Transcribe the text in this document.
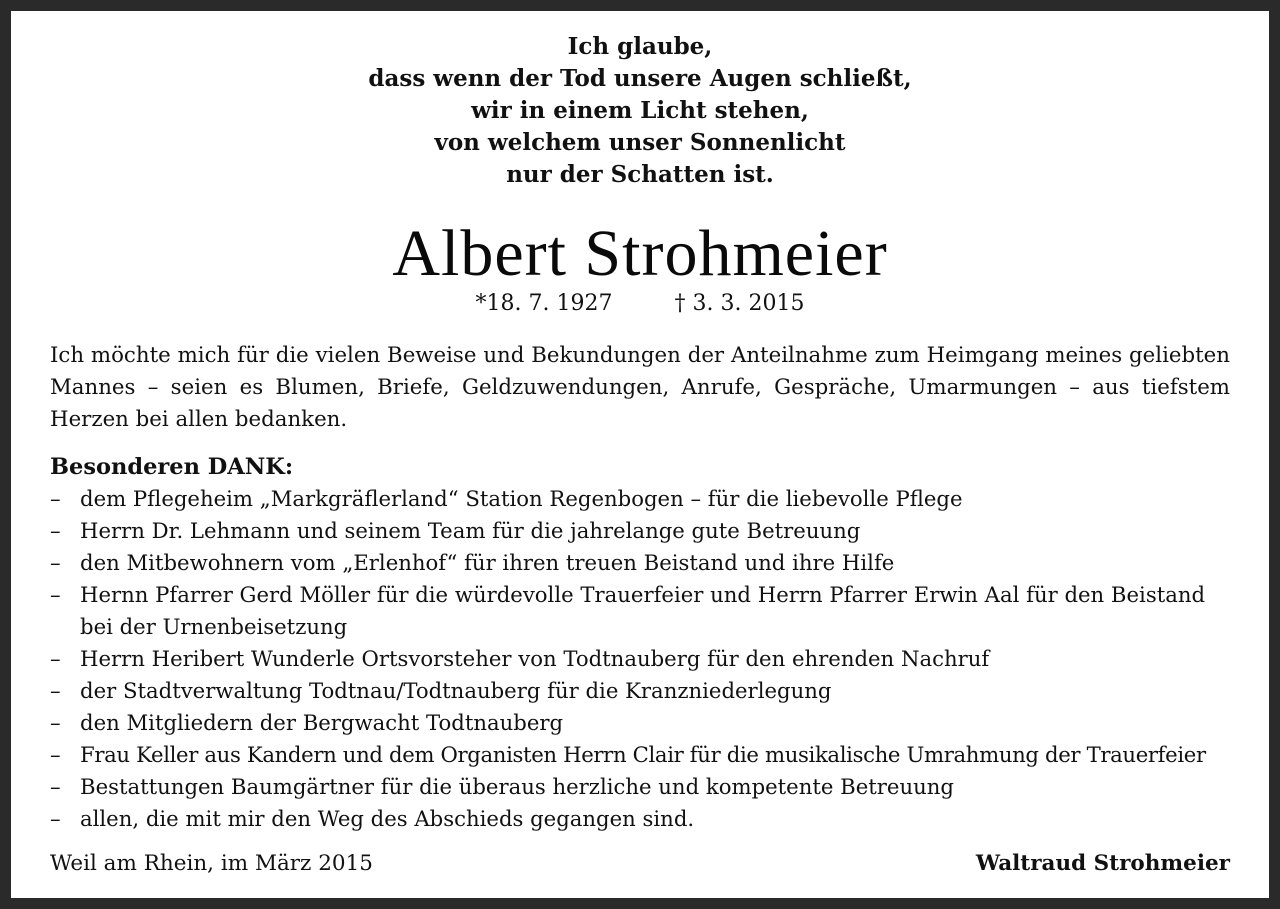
Ich glaube,
dass wenn der Tod unsere Augen schließt,
wir in einem Licht stehen,
von welchem unser Sonnenlicht
nur der Schatten ist.
Albert Strohmeier
*18. 7. 1927	† 3. 3. 2015
Ich möchte mich für die vielen Beweise und Bekundungen der Anteilnahme zum Heimgang meines geliebten Mannes – seien es Blumen, Briefe, Geldzuwendungen, Anrufe, Gespräche, Umarmungen – aus tiefstem Herzen bei allen bedanken.
Besonderen DANK:
– dem Pflegeheim „Markgräflerland“ Station Regenbogen – für die liebevolle Pflege
– Herrn Dr. Lehmann und seinem Team für die jahrelange gute Betreuung
– den Mitbewohnern vom „Erlenhof“ für ihren treuen Beistand und ihre Hilfe
– Hernn Pfarrer Gerd Möller für die würdevolle Trauerfeier und Herrn Pfarrer Erwin Aal für den Beistand bei der Urnenbeisetzung
– Herrn Heribert Wunderle Ortsvorsteher von Todtnauberg für den ehrenden Nachruf
– der Stadtverwaltung Todtnau/Todtnauberg für die Kranzniederlegung
– den Mitgliedern der Bergwacht Todtnauberg
– Frau Keller aus Kandern und dem Organisten Herrn Clair für die musikalische Umrahmung der Trauerfeier
– Bestattungen Baumgärtner für die überaus herzliche und kompetente Betreuung
– allen, die mit mir den Weg des Abschieds gegangen sind.
Weil am Rhein, im März 2015	Waltraud Strohmeier
